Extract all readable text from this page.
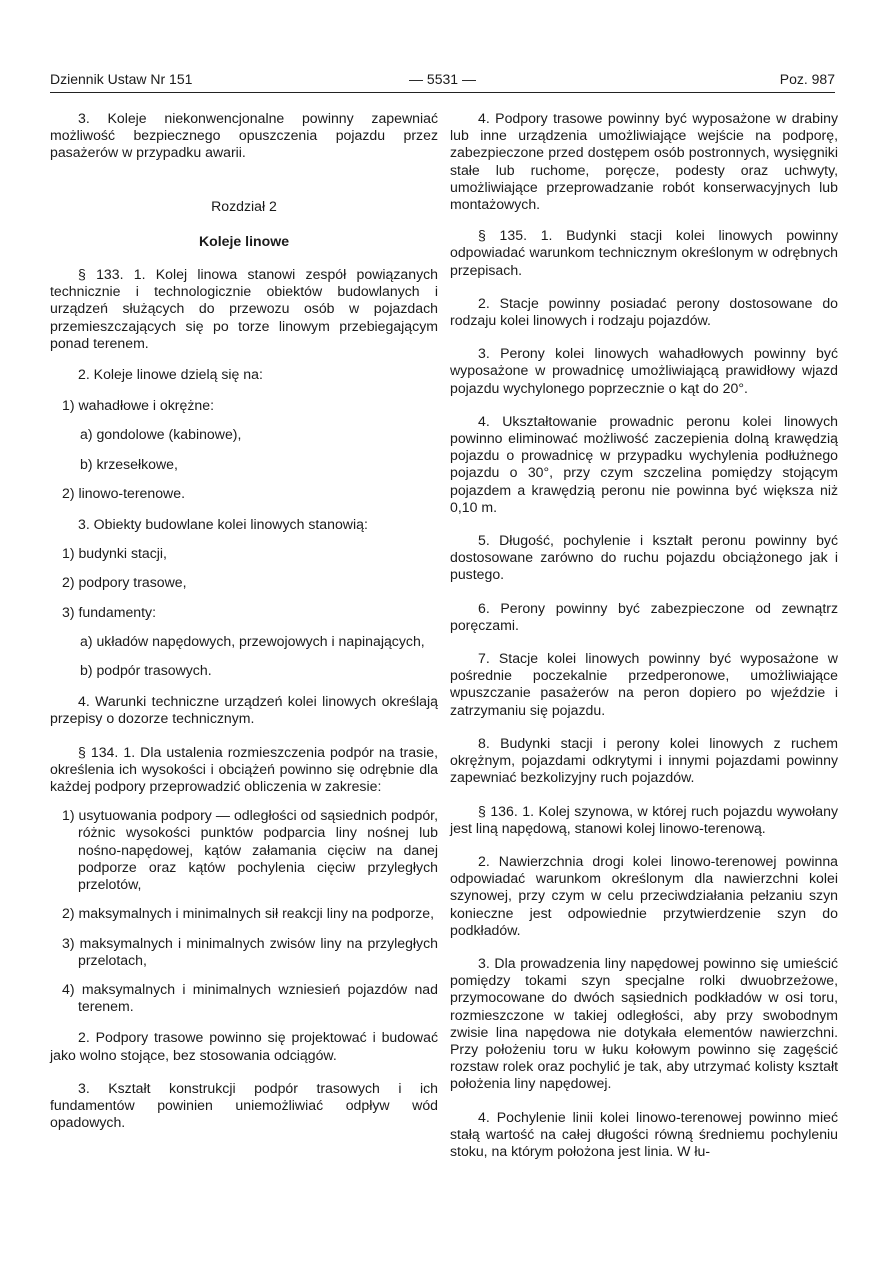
Dziennik Ustaw Nr 151	— 5531 —	Poz. 987

3. Koleje niekonwencjonalne powinny zapewniać możliwość bezpiecznego opuszczenia pojazdu przez pasażerów w przypadku awarii.

Rozdział 2

Koleje linowe

§ 133. 1. Kolej linowa stanowi zespół powiązanych technicznie i technologicznie obiektów budowlanych i urządzeń służących do przewozu osób w pojazdach przemieszczających się po torze linowym przebiegającym ponad terenem.

2. Koleje linowe dzielą się na:

1) wahadłowe i okrężne:

a) gondolowe (kabinowe),

b) krzesełkowe,

2) linowo-terenowe.

3. Obiekty budowlane kolei linowych stanowią:

1) budynki stacji,

2) podpory trasowe,

3) fundamenty:

a) układów napędowych, przewojowych i napinających,

b) podpór trasowych.

4. Warunki techniczne urządzeń kolei linowych określają przepisy o dozorze technicznym.

§ 134. 1. Dla ustalenia rozmieszczenia podpór na trasie, określenia ich wysokości i obciążeń powinno się odrębnie dla każdej podpory przeprowadzić obliczenia w zakresie:

1) usytuowania podpory — odległości od sąsiednich podpór, różnic wysokości punktów podparcia liny nośnej lub nośno-napędowej, kątów załamania cięciw na danej podporze oraz kątów pochylenia cięciw przyległych przelotów,

2) maksymalnych i minimalnych sił reakcji liny na podporze,

3) maksymalnych i minimalnych zwisów liny na przyległych przelotach,

4) maksymalnych i minimalnych wzniesień pojazdów nad terenem.

2. Podpory trasowe powinno się projektować i budować jako wolno stojące, bez stosowania odciągów.

3. Kształt konstrukcji podpór trasowych i ich fundamentów powinien uniemożliwiać odpływ wód opadowych.

4. Podpory trasowe powinny być wyposażone w drabiny lub inne urządzenia umożliwiające wejście na podporę, zabezpieczone przed dostępem osób postronnych, wysięgniki stałe lub ruchome, poręcze, podesty oraz uchwyty, umożliwiające przeprowadzanie robót konserwacyjnych lub montażowych.

§ 135. 1. Budynki stacji kolei linowych powinny odpowiadać warunkom technicznym określonym w odrębnych przepisach.

2. Stacje powinny posiadać perony dostosowane do rodzaju kolei linowych i rodzaju pojazdów.

3. Perony kolei linowych wahadłowych powinny być wyposażone w prowadnicę umożliwiającą prawidłowy wjazd pojazdu wychylonego poprzecznie o kąt do 20°.

4. Ukształtowanie prowadnic peronu kolei linowych powinno eliminować możliwość zaczepienia dolną krawędzią pojazdu o prowadnicę w przypadku wychylenia podłużnego pojazdu o 30°, przy czym szczelina pomiędzy stojącym pojazdem a krawędzią peronu nie powinna być większa niż 0,10 m.

5. Długość, pochylenie i kształt peronu powinny być dostosowane zarówno do ruchu pojazdu obciążonego jak i pustego.

6. Perony powinny być zabezpieczone od zewnątrz poręczami.

7. Stacje kolei linowych powinny być wyposażone w pośrednie poczekalnie przedperonowe, umożliwiające wpuszczanie pasażerów na peron dopiero po wjeździe i zatrzymaniu się pojazdu.

8. Budynki stacji i perony kolei linowych z ruchem okrężnym, pojazdami odkrytymi i innymi pojazdami powinny zapewniać bezkolizyjny ruch pojazdów.

§ 136. 1. Kolej szynowa, w której ruch pojazdu wywołany jest liną napędową, stanowi kolej linowo-terenową.

2. Nawierzchnia drogi kolei linowo-terenowej powinna odpowiadać warunkom określonym dla nawierzchni kolei szynowej, przy czym w celu przeciwdziałania pełzaniu szyn konieczne jest odpowiednie przytwierdzenie szyn do podkładów.

3. Dla prowadzenia liny napędowej powinno się umieścić pomiędzy tokami szyn specjalne rolki dwuobrzeżowe, przymocowane do dwóch sąsiednich podkładów w osi toru, rozmieszczone w takiej odległości, aby przy swobodnym zwisie lina napędowa nie dotykała elementów nawierzchni. Przy położeniu toru w łuku kołowym powinno się zagęścić rozstaw rolek oraz pochylić je tak, aby utrzymać kolisty kształt położenia liny napędowej.

4. Pochylenie linii kolei linowo-terenowej powinno mieć stałą wartość na całej długości równą średniemu pochyleniu stoku, na którym położona jest linia. W łu-
